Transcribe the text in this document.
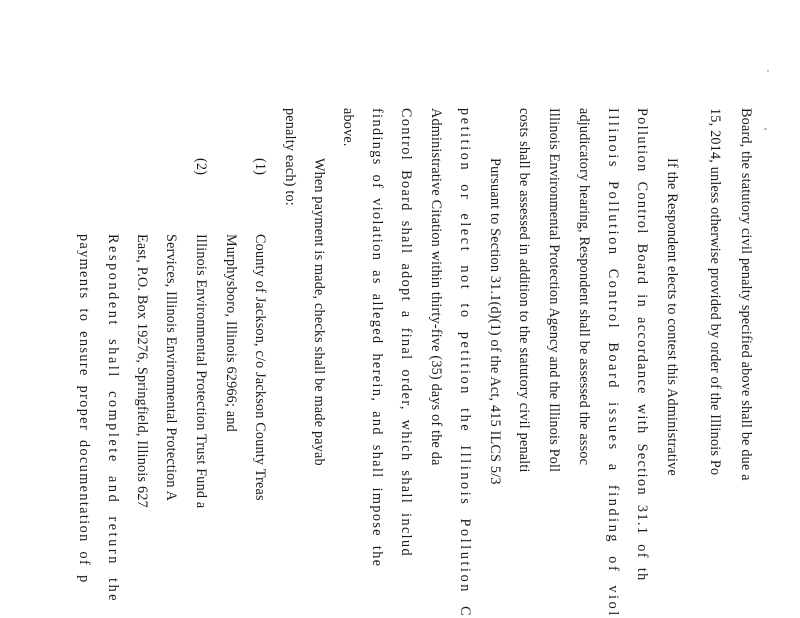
Board, the statutory civil penalty specified above shall be due a
15, 2014, unless otherwise provided by order of the Illinois Po
If the Respondent elects to contest this Administrative
Pollution Control Board in accordance with Section 31.1 of th
Illinois Pollution Control Board issues a finding of viol
adjudicatory hearing, Respondent shall be assessed the assoc
Illinois Environmental Protection Agency and the Illinois Poll
costs shall be assessed in addition to the statutory civil penalti
Pursuant to Section 31.1(d)(1) of the Act, 415 ILCS 5/3
petition or elect not to petition the Illinois Pollution C
Administrative Citation within thirty-five (35) days of the da
Control Board shall adopt a final order, which shall includ
findings of violation as alleged herein, and shall impose the
above.
When payment is made, checks shall be made payab
penalty each) to:
(1)
County of Jackson, c/o Jackson County Treas
Murphysboro, Illinois 62966; and
(2)
Illinois Environmental Protection Trust Fund a
Services, Illinois Environmental Protection A
East, P.O. Box 19276, Springfield, Illinois 627
Respondent shall complete and return the
payments to ensure proper documentation of p
